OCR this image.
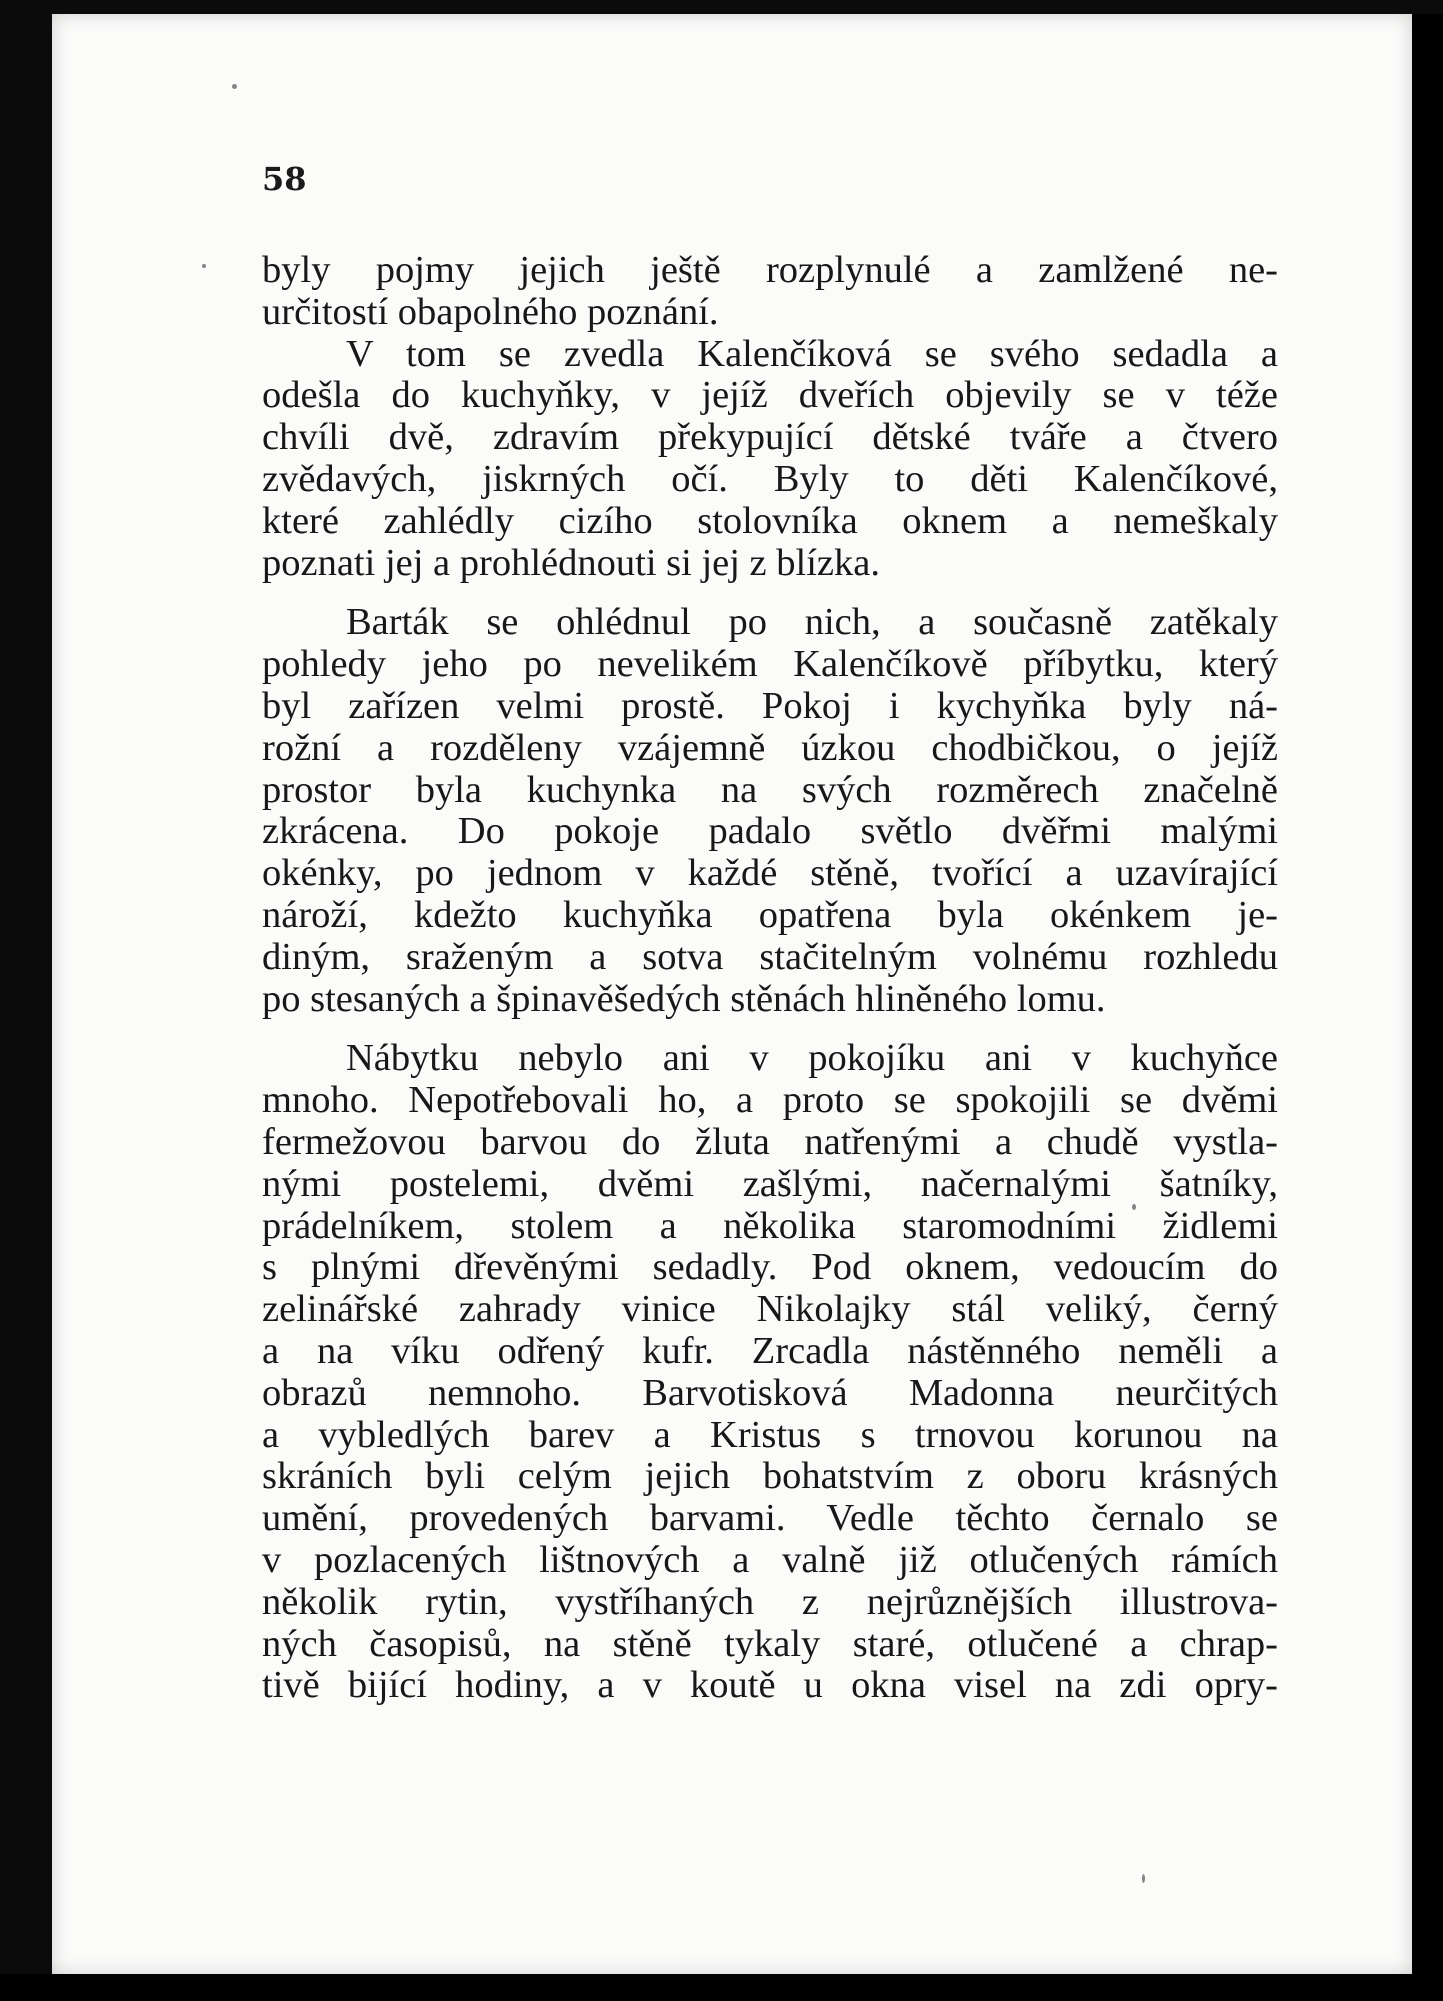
58

byly pojmy jejich ještě rozplynulé a zamlžené ne-
určitostí obapolného poznání.

V tom se zvedla Kalenčíková se svého sedadla a
odešla do kuchyňky, v jejíž dveřích objevily se v téže
chvíli dvě, zdravím překypující dětské tváře a čtvero
zvědavých, jiskrných očí. Byly to děti Kalenčíkové,
které zahlédly cizího stolovníka oknem a nemeškaly
poznati jej a prohlédnouti si jej z blízka.

Barták se ohlédnul po nich, a současně zatěkaly
pohledy jeho po nevelikém Kalenčíkově příbytku, který
byl zařízen velmi prostě. Pokoj i kychyňka byly ná-
rožní a rozděleny vzájemně úzkou chodbičkou, o jejíž
prostor byla kuchynka na svých rozměrech značelně
zkrácena. Do pokoje padalo světlo dvěřmi malými
okénky, po jednom v každé stěně, tvořící a uzavírající
nároží, kdežto kuchyňka opatřena byla okénkem je-
diným, sraženým a sotva stačitelným volnému rozhledu
po stesaných a špinavěšedých stěnách hliněného lomu.

Nábytku nebylo ani v pokojíku ani v kuchyňce
mnoho. Nepotřebovali ho, a proto se spokojili se dvěmi
fermežovou barvou do žluta natřenými a chudě vystla-
nými postelemi, dvěmi zašlými, načernalými šatníky,
prádelníkem, stolem a několika staromodními židlemi
s plnými dřevěnými sedadly. Pod oknem, vedoucím do
zelinářské zahrady vinice Nikolajky stál veliký, černý
a na víku odřený kufr. Zrcadla nástěnného neměli a
obrazů nemnoho. Barvotisková Madonna neurčitých
a vybledlých barev a Kristus s trnovou korunou na
skráních byli celým jejich bohatstvím z oboru krásných
umění, provedených barvami. Vedle těchto černalo se
v pozlacených lištnových a valně již otlučených rámích
několik rytin, vystříhaných z nejrůznějších illustrova-
ných časopisů, na stěně tykaly staré, otlučené a chrap-
tivě bijící hodiny, a v koutě u okna visel na zdi opry-
